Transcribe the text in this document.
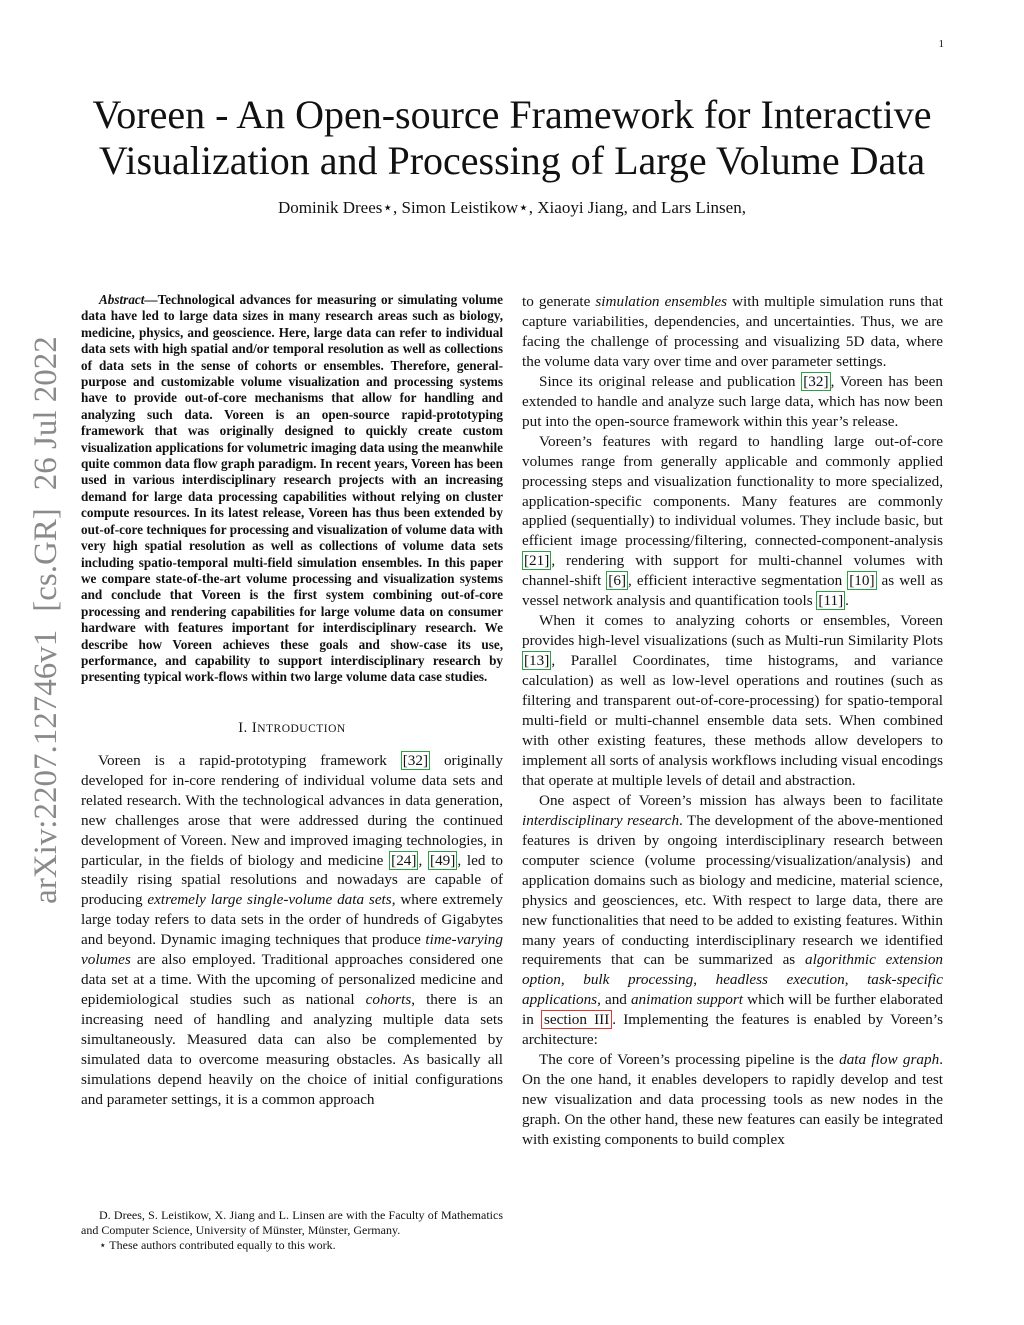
1
arXiv:2207.12746v1[cs.GR]26 Jul 2022
Voreen - An Open-source Framework for Interactive Visualization and Processing of Large Volume Data
Dominik Drees⋆, Simon Leistikow⋆, Xiaoyi Jiang, and Lars Linsen,
Abstract—Technological advances for measuring or simulating volume data have led to large data sizes in many research areas such as biology, medicine, physics, and geoscience. Here, large data can refer to individual data sets with high spatial and/or temporal resolution as well as collections of data sets in the sense of cohorts or ensembles. Therefore, general-purpose and customizable volume visualization and processing systems have to provide out-of-core mechanisms that allow for handling and analyzing such data. Voreen is an open-source rapid-prototyping framework that was originally designed to quickly create custom visualization applications for volumetric imaging data using the meanwhile quite common data flow graph paradigm. In recent years, Voreen has been used in various interdisciplinary research projects with an increasing demand for large data processing capabilities without relying on cluster compute resources. In its latest release, Voreen has thus been extended by out-of-core techniques for processing and visualization of volume data with very high spatial resolution as well as collections of volume data sets including spatio-temporal multi-field simulation ensembles. In this paper we compare state-of-the-art volume processing and visualization systems and conclude that Voreen is the first system combining out-of-core processing and rendering capabilities for large volume data on consumer hardware with features important for interdisciplinary research. We describe how Voreen achieves these goals and show-case its use, performance, and capability to support interdisciplinary research by presenting typical work-flows within two large volume data case studies.
I. INTRODUCTION

Voreen is a rapid-prototyping framework [32] originally developed for in-core rendering of individual volume data sets and related research. With the technological advances in data generation, new challenges arose that were addressed during the continued development of Voreen. New and improved imaging technologies, in particular, in the fields of biology and medicine [24] , [49] , led to steadily rising spatial resolutions and nowadays are capable of producing extremely large single-volume data sets, where extremely large today refers to data sets in the order of hundreds of Gigabytes and beyond. Dynamic imaging techniques that produce time-varying volumes are also employed. Traditional approaches considered one data set at a time. With the upcoming of personalized medicine and epidemiological studies such as national cohorts, there is an increasing need of handling and analyzing multiple data sets simultaneously. Measured data can also be complemented by simulated data to overcome measuring obstacles. As basically all simulations depend heavily on the choice of initial configurations and parameter settings, it is a common approach

D. Drees, S. Leistikow, X. Jiang and L. Linsen are with the Faculty of Mathematics and Computer Science, University of Münster, Münster, Germany.
⋆ These authors contributed equally to this work.

to generate simulation ensembles with multiple simulation runs that capture variabilities, dependencies, and uncertainties. Thus, we are facing the challenge of processing and visualizing 5D data, where the volume data vary over time and over parameter settings.

Since its original release and publication [32] , Voreen has been extended to handle and analyze such large data, which has now been put into the open-source framework within this year’s release.

Voreen’s features with regard to handling large out-of-core volumes range from generally applicable and commonly applied processing steps and visualization functionality to more specialized, application-specific components. Many features are commonly applied (sequentially) to individual volumes. They include basic, but efficient image processing/filtering, connected-component-analysis [21] , rendering with support for multi-channel volumes with channel-shift [6] , efficient interactive segmentation [10] as well as vessel network analysis and quantification tools [11] .

When it comes to analyzing cohorts or ensembles, Voreen provides high-level visualizations (such as Multi-run Similarity Plots [13] , Parallel Coordinates, time histograms, and variance calculation) as well as low-level operations and routines (such as filtering and transparent out-of-core-processing) for spatio-temporal multi-field or multi-channel ensemble data sets. When combined with other existing features, these methods allow developers to implement all sorts of analysis workflows including visual encodings that operate at multiple levels of detail and abstraction.

One aspect of Voreen’s mission has always been to facilitate interdisciplinary research. The development of the above-mentioned features is driven by ongoing interdisciplinary research between computer science (volume processing/visualization/analysis) and application domains such as biology and medicine, material science, physics and geosciences, etc. With respect to large data, there are new functionalities that need to be added to existing features. Within many years of conducting interdisciplinary research we identified requirements that can be summarized as algorithmic extension option, bulk processing, headless execution, task-specific applications, and animation support which will be further elaborated in section III . Implementing the features is enabled by Voreen’s architecture:

The core of Voreen’s processing pipeline is the data flow graph. On the one hand, it enables developers to rapidly develop and test new visualization and data processing tools as new nodes in the graph. On the other hand, these new features can easily be integrated with existing components to build complex
